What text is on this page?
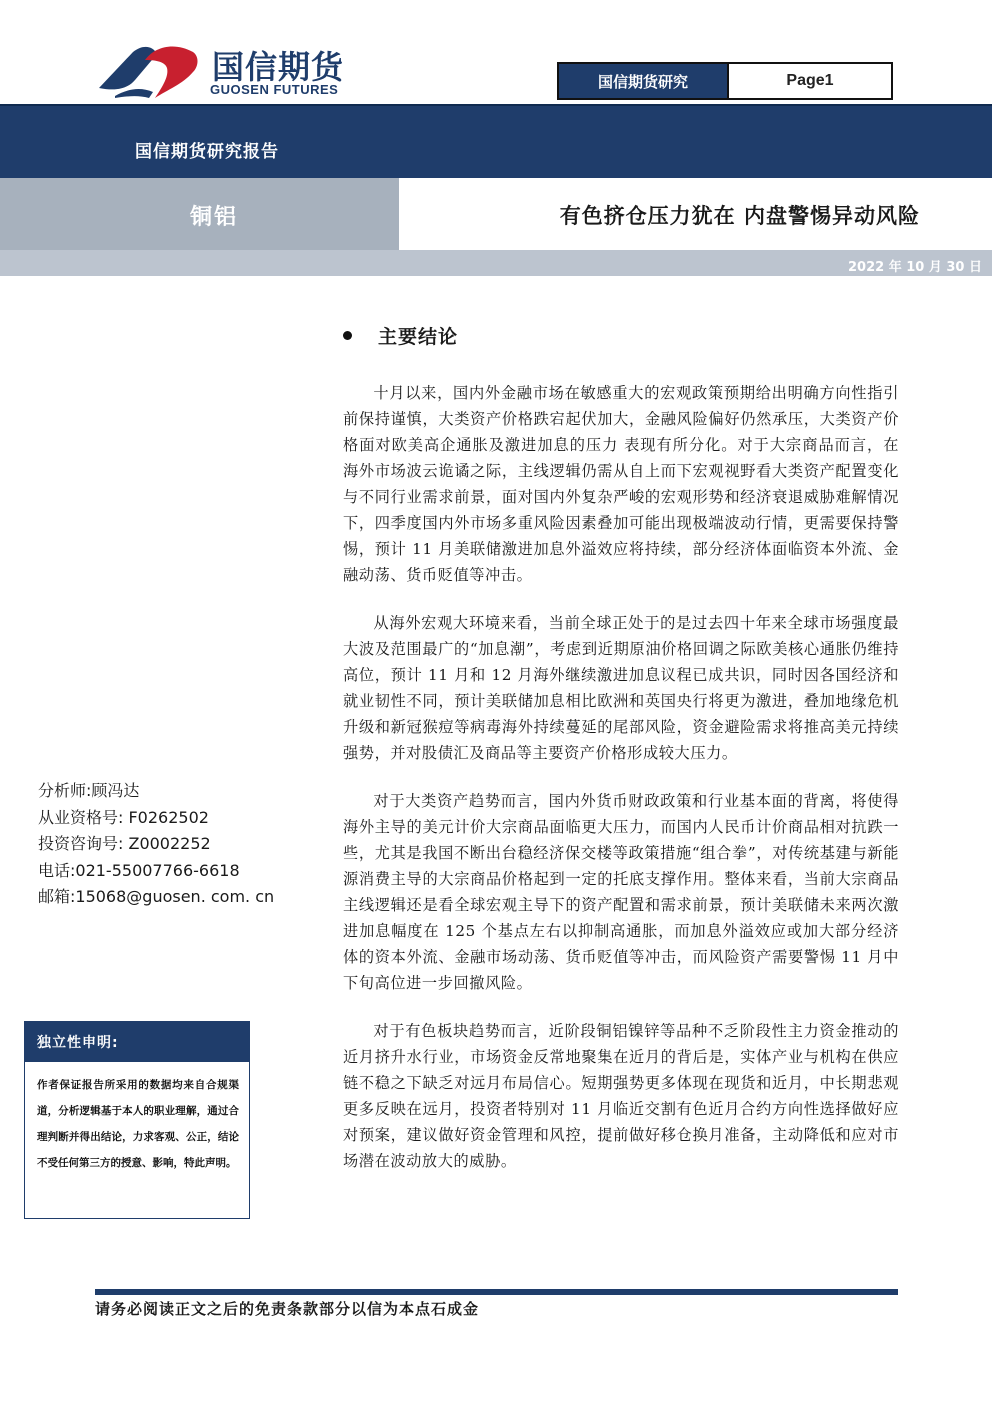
国信期货
GUOSEN FUTURES	国信期货研究	Page1
国信期货研究报告
铜铝	有色挤仓压力犹在 内盘警惕异动风险
2022 年 10 月 30 日
主要结论

十月以来，国内外金融市场在敏感重大的宏观政策预期给出明确方向性指引前保持谨慎，大类资产价格跌宕起伏加大，金融风险偏好仍然承压，大类资产价格面对欧美高企通胀及激进加息的压力 表现有所分化。对于大宗商品而言，在海外市场波云诡谲之际，主线逻辑仍需从自上而下宏观视野看大类资产配置变化与不同行业需求前景，面对国内外复杂严峻的宏观形势和经济衰退威胁难解情况下，四季度国内外市场多重风险因素叠加可能出现极端波动行情，更需要保持警惕，预计 11 月美联储激进加息外溢效应将持续，部分经济体面临资本外流、金融动荡、货币贬值等冲击。

从海外宏观大环境来看，当前全球正处于的是过去四十年来全球市场强度最大波及范围最广的“加息潮”，考虑到近期原油价格回调之际欧美核心通胀仍维持高位，预计 11 月和 12 月海外继续激进加息议程已成共识，同时因各国经济和就业韧性不同，预计美联储加息相比欧洲和英国央行将更为激进，叠加地缘危机升级和新冠猴痘等病毒海外持续蔓延的尾部风险，资金避险需求将推高美元持续强势，并对股债汇及商品等主要资产价格形成较大压力。

对于大类资产趋势而言，国内外货币财政政策和行业基本面的背离，将使得海外主导的美元计价大宗商品面临更大压力，而国内人民币计价商品相对抗跌一些，尤其是我国不断出台稳经济保交楼等政策措施“组合拳”，对传统基建与新能源消费主导的大宗商品价格起到一定的托底支撑作用。整体来看，当前大宗商品主线逻辑还是看全球宏观主导下的资产配置和需求前景，预计美联储未来两次激进加息幅度在 125 个基点左右以抑制高通胀，而加息外溢效应或加大部分经济体的资本外流、金融市场动荡、货币贬值等冲击，而风险资产需要警惕 11 月中下旬高位进一步回撤风险。

对于有色板块趋势而言，近阶段铜铝镍锌等品种不乏阶段性主力资金推动的近月挤升水行业，市场资金反常地聚集在近月的背后是，实体产业与机构在供应链不稳之下缺乏对远月布局信心。短期强势更多体现在现货和近月，中长期悲观更多反映在远月，投资者特别对 11 月临近交割有色近月合约方向性选择做好应对预案，建议做好资金管理和风控，提前做好移仓换月准备，主动降低和应对市场潜在波动放大的威胁。

分析师:顾冯达
从业资格号: F0262502
投资咨询号: Z0002252
电话:021-55007766-6618
邮箱:15068@guosen. com. cn
独立性申明:
作者保证报告所采用的数据均来自合规渠道，分析逻辑基于本人的职业理解，通过合理判断并得出结论，力求客观、公正，结论不受任何第三方的授意、影响，特此声明。
请务必阅读正文之后的免责条款部分以信为本点石成金
